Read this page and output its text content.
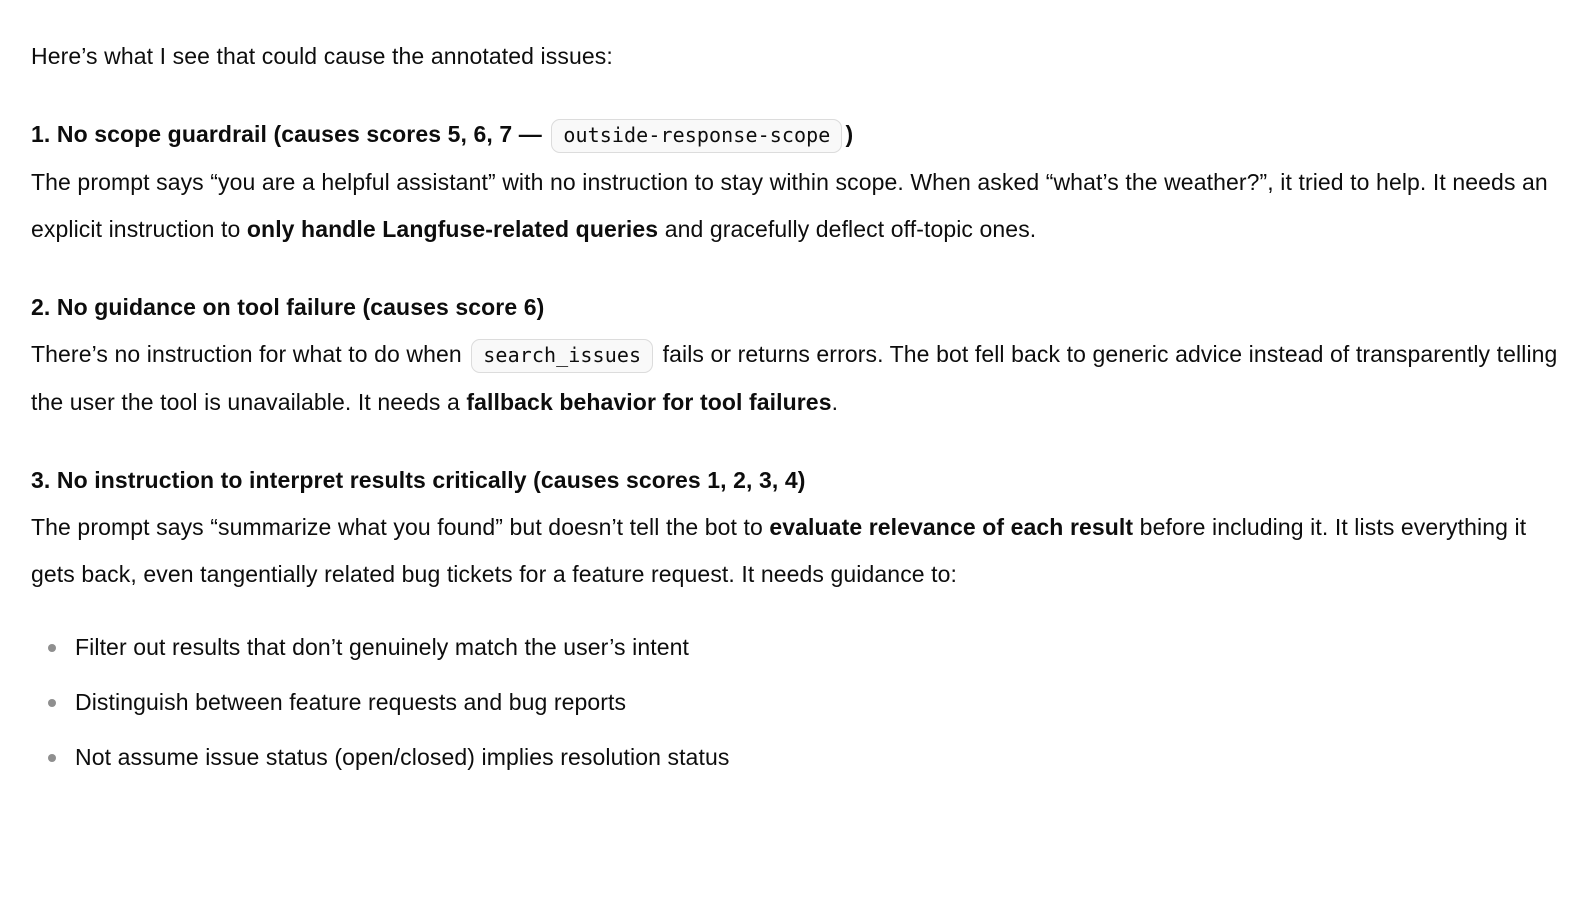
Here’s what I see that could cause the annotated issues:

1. No scope guardrail (causes scores 5, 6, 7 — outside-response-scope )

The prompt says “you are a helpful assistant” with no instruction to stay within scope. When asked “what’s the weather?”, it tried to help. It needs an explicit instruction to only handle Langfuse-related queries and gracefully deflect off-topic ones.

2. No guidance on tool failure (causes score 6)

There’s no instruction for what to do when search_issues fails or returns errors. The bot fell back to generic advice instead of transparently telling the user the tool is unavailable. It needs a fallback behavior for tool failures.

3. No instruction to interpret results critically (causes scores 1, 2, 3, 4)

The prompt says “summarize what you found” but doesn’t tell the bot to evaluate relevance of each result before including it. It lists everything it gets back, even tangentially related bug tickets for a feature request. It needs guidance to:

Filter out results that don’t genuinely match the user’s intent
Distinguish between feature requests and bug reports
Not assume issue status (open/closed) implies resolution status
